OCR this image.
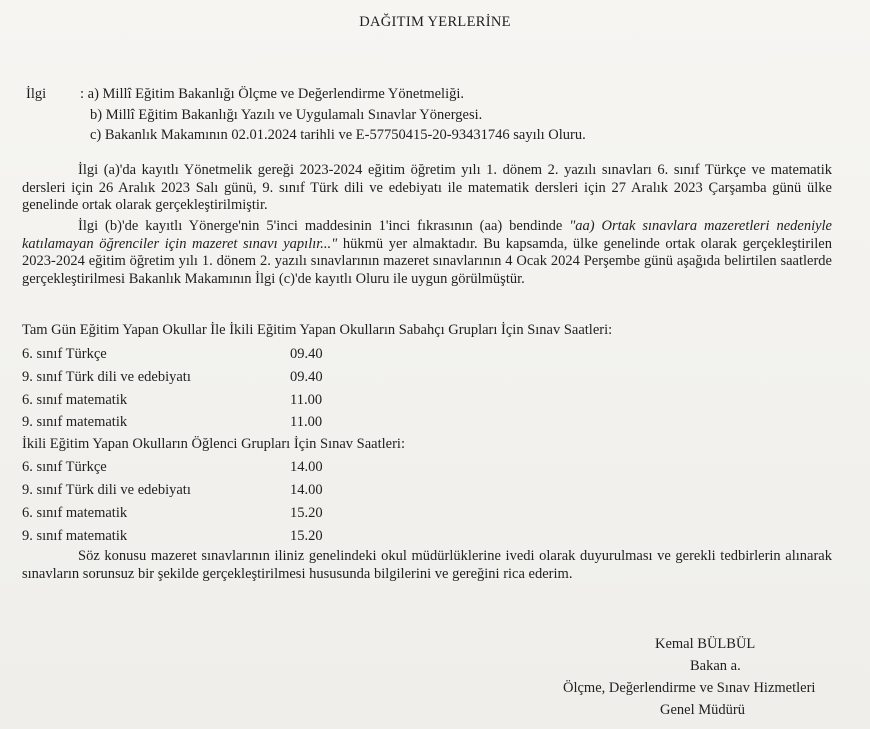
DAĞITIM YERLERİNE
İlgi : a) Millî Eğitim Bakanlığı Ölçme ve Değerlendirme Yönetmeliği.
b) Millî Eğitim Bakanlığı Yazılı ve Uygulamalı Sınavlar Yönergesi.
c) Bakanlık Makamının 02.01.2024 tarihli ve E-57750415-20-93431746 sayılı Oluru.
İlgi (a)'da kayıtlı Yönetmelik gereği 2023-2024 eğitim öğretim yılı 1. dönem 2. yazılı sınavları 6. sınıf Türkçe ve matematik dersleri için 26 Aralık 2023 Salı günü, 9. sınıf Türk dili ve edebiyatı ile matematik dersleri için 27 Aralık 2023 Çarşamba günü ülke genelinde ortak olarak gerçekleştirilmiştir.
İlgi (b)'de kayıtlı Yönerge'nin 5'inci maddesinin 1'inci fıkrasının (aa) bendinde "aa) Ortak sınavlara mazeretleri nedeniyle katılamayan öğrenciler için mazeret sınavı yapılır..." hükmü yer almaktadır. Bu kapsamda, ülke genelinde ortak olarak gerçekleştirilen 2023-2024 eğitim öğretim yılı 1. dönem 2. yazılı sınavlarının mazeret sınavlarının 4 Ocak 2024 Perşembe günü aşağıda belirtilen saatlerde gerçekleştirilmesi Bakanlık Makamının İlgi (c)'de kayıtlı Oluru ile uygun görülmüştür.
Tam Gün Eğitim Yapan Okullar İle İkili Eğitim Yapan Okulların Sabahçı Grupları İçin Sınav Saatleri:
6. sınıf Türkçe	09.40
9. sınıf Türk dili ve edebiyatı	09.40
6. sınıf matematik	11.00
9. sınıf matematik	11.00
İkili Eğitim Yapan Okulların Öğlenci Grupları İçin Sınav Saatleri:
6. sınıf Türkçe	14.00
9. sınıf Türk dili ve edebiyatı	14.00
6. sınıf matematik	15.20
9. sınıf matematik	15.20
Söz konusu mazeret sınavlarının iliniz genelindeki okul müdürlüklerine ivedi olarak duyurulması ve gerekli tedbirlerin alınarak sınavların sorunsuz bir şekilde gerçekleştirilmesi hususunda bilgilerini ve gereğini rica ederim.
Kemal BÜLBÜL
Bakan a.
Ölçme, Değerlendirme ve Sınav Hizmetleri
Genel Müdürü
